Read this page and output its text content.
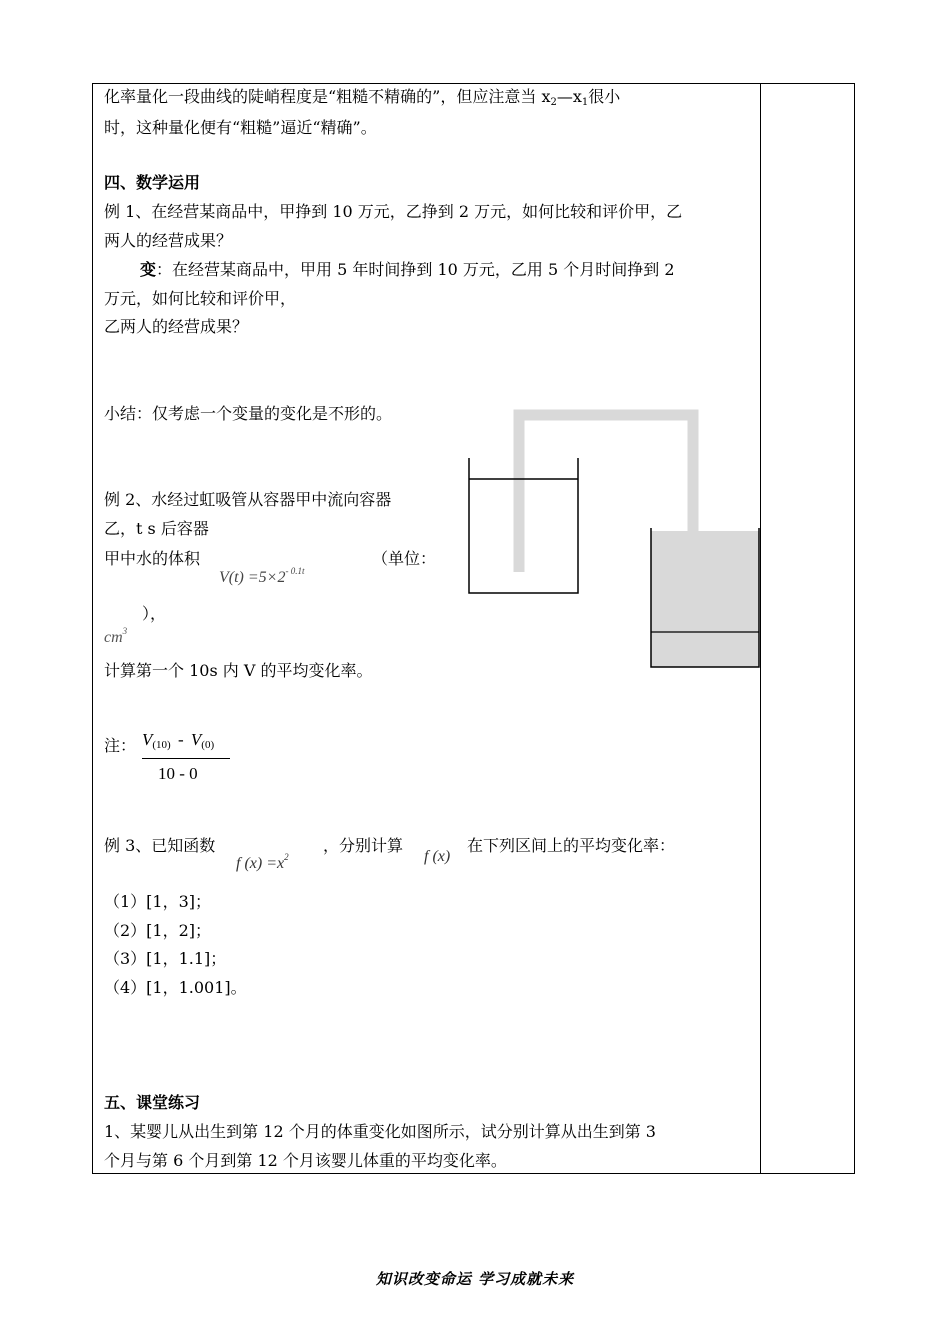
化率量化一段曲线的陡峭程度是“粗糙不精确的”，但应注意当 $x_2—x_1$很小
时，这种量化便有“粗糙”逼近“精确”。
四、数学运用
例 1、在经营某商品中，甲挣到 10 万元，乙挣到 2 万元，如何比较和评价甲，乙
两人的经营成果？
变：在经营某商品中，甲用 5 年时间挣到 10 万元，乙用 5 个月时间挣到 2
万元，如何比较和评价甲，
乙两人的经营成果？
小结：仅考虑一个变量的变化是不形的。
例 2、水经过虹吸管从容器甲中流向容器
乙，t s 后容器
甲中水的体积
$V(t) =5\times 2^{- 0.1t}$
（单位：
$cm^3$
），
计算第一个 10s 内 V 的平均变化率。
注： $V_{(10)} - V_{(0)}$
10 - 0
例 3、已知函数
f $(x) =x^2$
，分别计算
f (x)
在下列区间上的平均变化率：
（1）[1，3]；
（2）[1，2]；
（3）[1，1.1]；
（4）[1，1.001]。
五、课堂练习
1、某婴儿从出生到第 12 个月的体重变化如图所示，试分别计算从出生到第 3
个月与第 6 个月到第 12 个月该婴儿体重的平均变化率。
知识改变命运 学习成就未来
